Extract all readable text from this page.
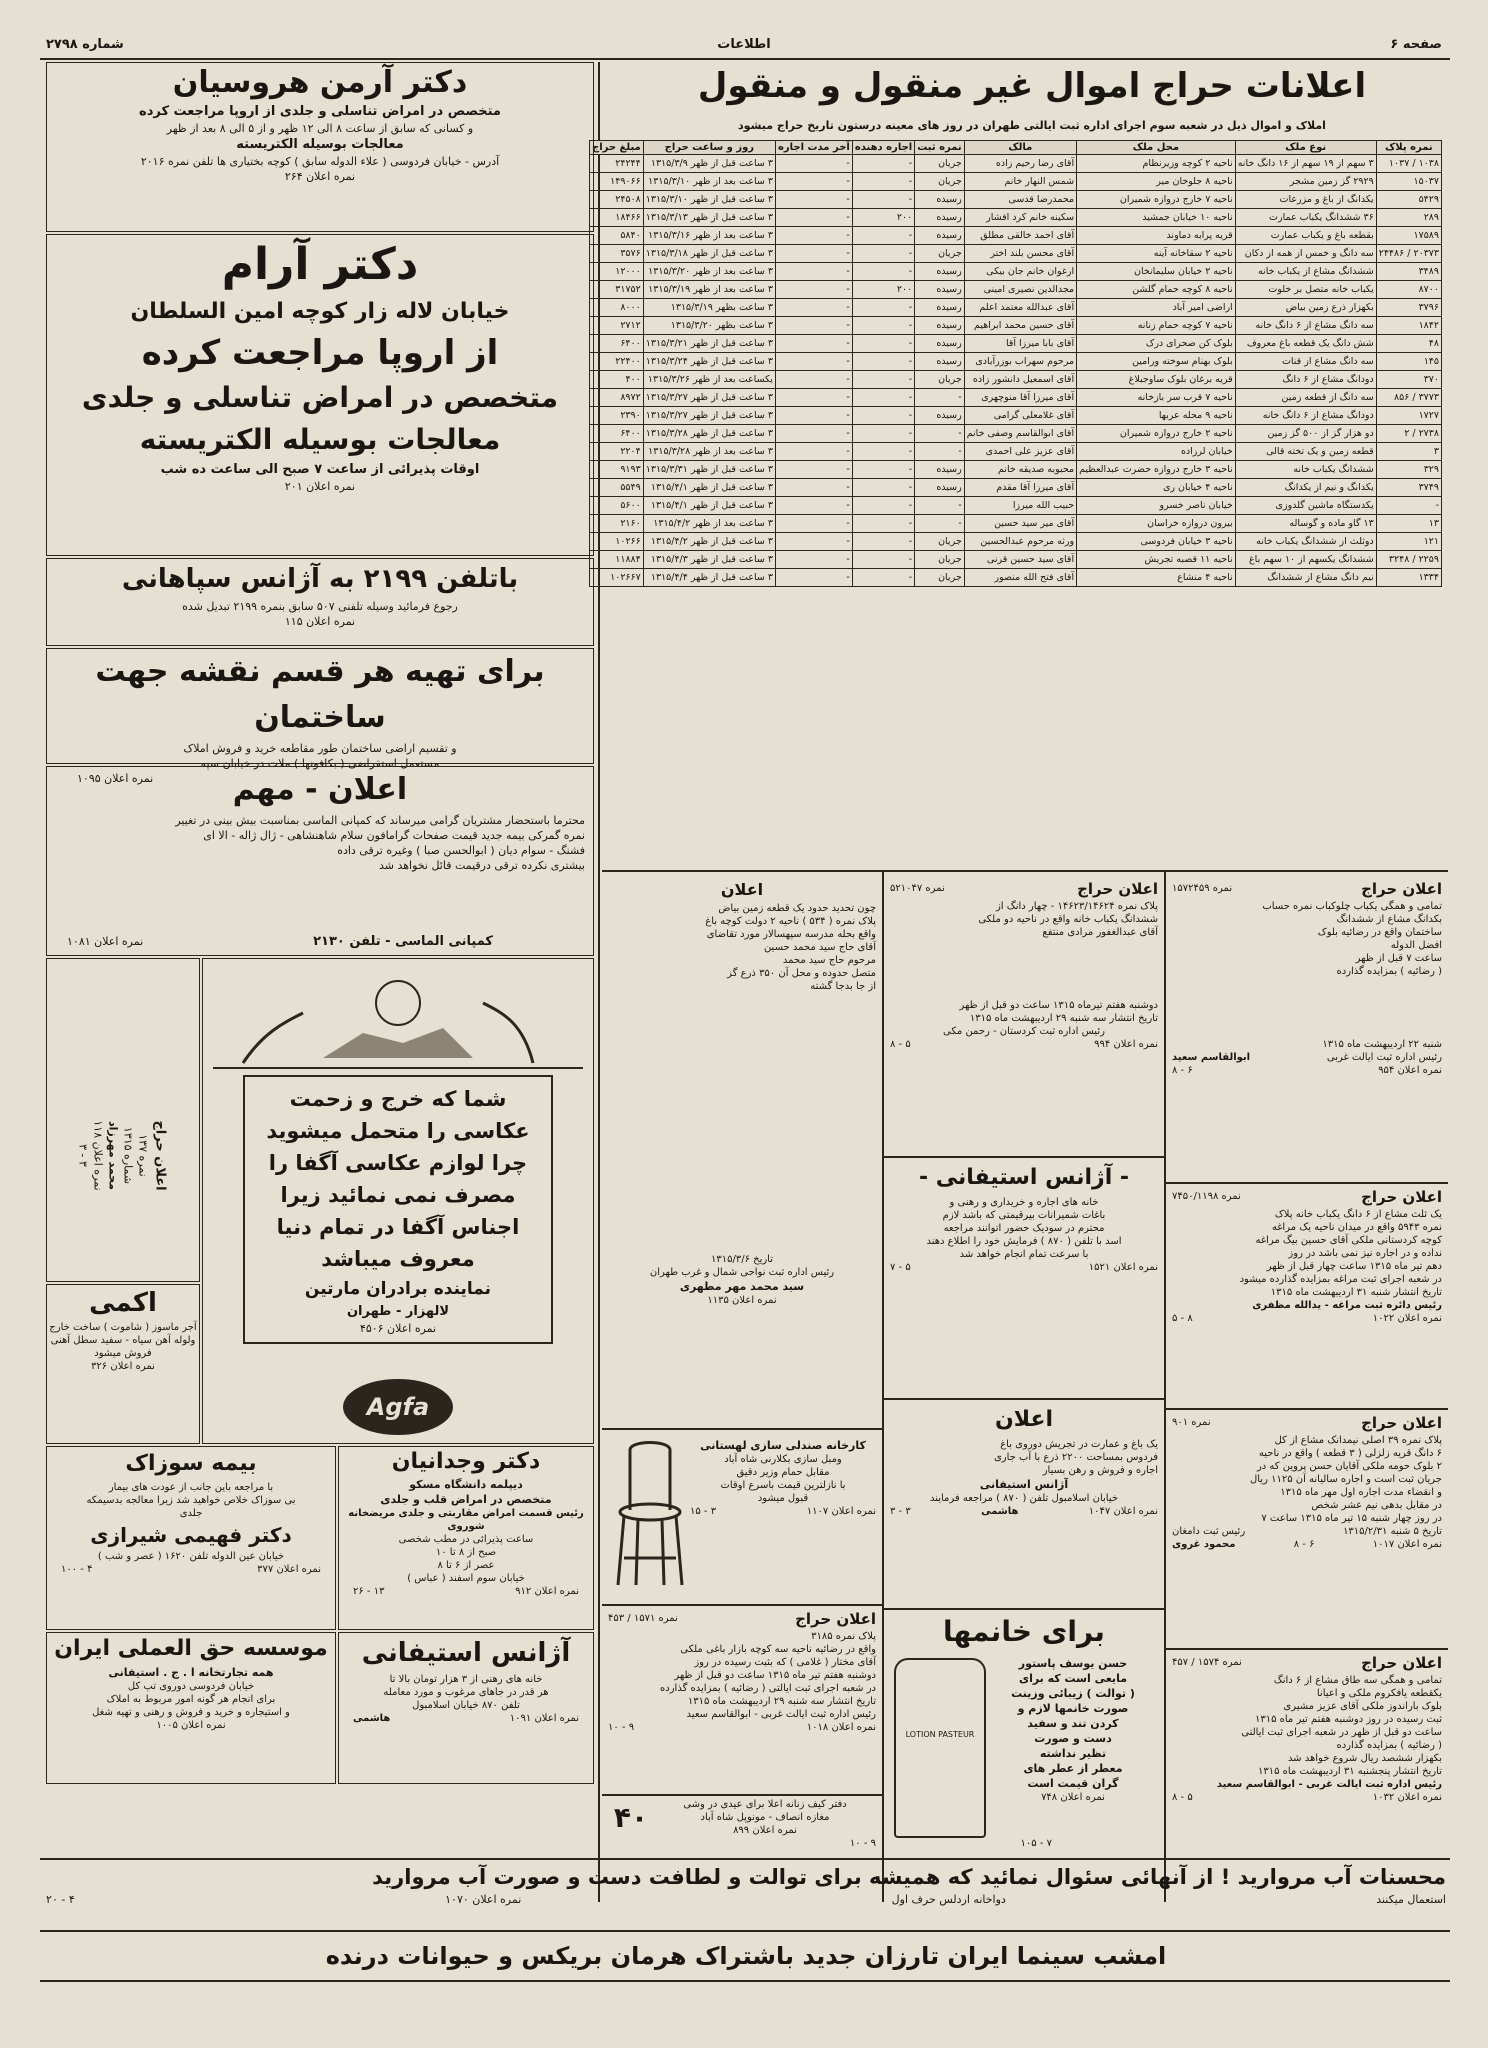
صفحه ۶
اطلاعات
شماره ۲۷۹۸
اعلانات حراج اموال غیر منقول و منقول
املاک و اموال ذیل در شعبه سوم اجرای اداره ثبت ایالتی طهران در روز های معینه درستون تاریخ حراج میشود
نمره پلاک	نوع ملک	محل ملک	مالک	نمره ثبت	اجاره‌ دهنده	آخر مدت اجاره	روز و ساعت حراج	مبلغ حراج
۱۰۳۸ / ۱۰۳۷	۳ سهم از ۱۹ سهم از ۱۶ دانگ خانه	ناحیه ۲ کوچه وزیرنظام	آقای رضا رحیم زاده	جریان	-	-	۳ ساعت قبل از ظهر ۱۳۱۵/۳/۹	۲۴۲۴۴
۱۵۰۳۷	۲۹۲۹ گز زمین مشجر	ناحیه ۸ جلوخان میر	شمس النهار خانم	جریان	-	-	۳ ساعت بعد از ظهر ۱۳۱۵/۳/۱۰	۱۴۹۰۶۶
۵۴۲۹	یکدانگ از باغ و مزرعات	ناحیه ۷ خارج دروازه شمیران	محمدرضا قدسی	رسیده	-	-	۳ ساعت قبل از ظهر ۱۳۱۵/۳/۱۰	۲۴۵۰۸
۲۸۹	۳۶ ششدانگ یکباب عمارت	ناحیه ۱۰ خیابان جمشید	سکینه خانم کرد افشار	رسیده	۲۰۰	-	۳ ساعت قبل از ظهر ۱۳۱۵/۳/۱۳	۱۸۴۶۶
۱۷۵۸۹	بقطعه باغ و یکباب عمارت	قریه پرابه دماوند	آقای احمد خالقی مطلق	رسیده	-	-	۳ ساعت بعد از ظهر ۱۳۱۵/۳/۱۶	۵۸۴۰
۲۰۳۷۳ / ۲۴۴۸۶	سه دانگ و خمس از همه از دکان	ناحیه ۲ سقاخانه آینه	آقای محسن بلند اختر	جریان	-	-	۳ ساعت قبل از ظهر ۱۳۱۵/۳/۱۸	۳۵۷۶
۳۴۸۹	ششدانگ مشاع از یکباب خانه	ناحیه ۲ خیابان سلیمانخان	ارغوان خانم جان بیکی	رسیده	-	-	۳ ساعت بعد از ظهر ۱۳۱۵/۳/۲۰	۱۲۰۰۰
۸۷۰۰	یکباب خانه متصل بر خلوت	ناحیه ۸ کوچه حمام گلشن	مجدالدین نصیری امینی	رسیده	۲۰۰	-	۳ ساعت بعد از ظهر ۱۳۱۵/۳/۱۹	۳۱۷۵۲
۳۷۹۶	بکهزار ذرع زمین بیاض	اراضی امیر آباد	آقای عبدالله معتمد اعلم	رسیده	-	-	۳ ساعت بظهر ۱۳۱۵/۳/۱۹	۸۰۰۰
۱۸۴۲	سه دانگ مشاع از ۶ دانگ خانه	ناحیه ۷ کوچه حمام زنانه	آقای حسین محمد ابراهیم	رسیده	-	-	۳ ساعت بظهر ۱۳۱۵/۳/۲۰	۲۷۱۲
۴۸	شش دانگ یک قطعه باغ معروف	بلوک کن صحرای درک	آقای بابا میرزا آقا	رسیده	-	-	۳ ساعت قبل از ظهر ۱۳۱۵/۳/۲۱	۶۴۰۰
۱۴۵	سه دانگ مشاع از قنات	بلوک بهنام سوخته ورامین	مرحوم سهراب بوزرآبادی	رسیده	-	-	۳ ساعت قبل از ظهر ۱۳۱۵/۳/۲۴	۲۲۴۰۰
۳۷۰	دودانگ مشاع از ۶ دانگ	قریه برغان بلوک ساوجبلاغ	آقای اسمعیل دانشور زاده	جریان	-	-	یکساعت بعد از ظهر ۱۳۱۵/۳/۲۶	۴۰۰
۳۷۷۳ / ۸۵۶	سه دانگ از قطعه زمین	ناحیه ۷ قرب سر بازخانه	آقای میرزا آقا منوچهری	-	-	-	۳ ساعت قبل از ظهر ۱۳۱۵/۳/۲۷	۸۹۷۲
۱۷۲۷	دودانگ مشاع از ۶ دانگ خانه	ناحیه ۹ محله عربها	آقای غلامعلی گرامی	رسیده	-	-	۳ ساعت قبل از ظهر ۱۳۱۵/۳/۲۷	۲۳۹۰
۲۷۳۸ / ۲	دو هزار گز از ۵۰۰ گز زمین	ناحیه ۲ خارج دروازه شمیران	آقای ابوالقاسم وصفی خانم	-	-	-	۳ ساعت قبل از ظهر ۱۳۱۵/۳/۲۸	۶۴۰۰
۳	قطعه زمین و یک تخته قالی	خیابان لرزاده	آقای عزیز علی احمدی	-	-	-	۳ ساعت بعد از ظهر ۱۳۱۵/۳/۲۸	۲۲۰۴
۳۲۹	ششدانگ یکباب خانه	ناحیه ۳ خارج دروازه حضرت عبدالعظیم	محبوبه صدیقه خانم	رسیده	-	-	۳ ساعت قبل از ظهر ۱۳۱۵/۳/۳۱	۹۱۹۳
۳۷۴۹	یکدانگ و نیم از یکدانگ	ناحیه ۴ خیابان ری	آقای میرزا آقا مقدم	رسیده	-	-	۳ ساعت قبل از ظهر ۱۳۱۵/۴/۱	۵۵۴۹
-	یکدستگاه ماشین گلدوزی	خیابان ناصر خسرو	حبیب الله میرزا	-	-	-	۳ ساعت قبل از ظهر ۱۳۱۵/۴/۱	۵۶۰۰
۱۳	۱۳ گاو ماده و گوساله	بیرون دروازه خراسان	آقای میر سید حسین	-	-	-	۳ ساعت بعد از ظهر ۱۳۱۵/۴/۲	۲۱۶۰
۱۲۱	دوثلث از ششدانگ یکباب خانه	ناحیه ۳ خیابان فردوسی	ورثه مرحوم عبدالحسین	جریان	-	-	۳ ساعت قبل از ظهر ۱۳۱۵/۴/۲	۱۰۲۶۶
۲۲۵۹ / ۳۲۴۸	ششدانگ یکسهم از ۱۰ سهم باغ	ناحیه ۱۱ قصبه تجریش	آقای سید حسین قرنی	جریان	-	-	۳ ساعت قبل از ظهر ۱۳۱۵/۴/۳	۱۱۸۸۴
۱۳۳۴	نیم دانگ مشاع از ششدانگ	ناحیه ۴ منشاع	آقای فتح الله منصور	جریان	-	-	۳ ساعت قبل از ظهر ۱۳۱۵/۴/۴	۱۰۲۶۶۷
دکتر آرمن هروسیان
متخصص در امراض تناسلی و جلدی از اروپا مراجعت کرده
و کسانی که سابق از ساعت ۸ الی ۱۲ ظهر و از ۵ الی ۸ بعد از ظهر
معالجات بوسیله الکتریسته
آدرس - خیابان فردوسی ( علاء الدوله سابق ) کوچه بختیاری ها تلفن نمره ۲۰۱۶
نمره اعلان ۲۶۴
دکتر آرام
خیابان لاله زار کوچه امین السلطان
از اروپا مراجعت کرده
متخصص در امراض تناسلی و جلدی
معالجات بوسیله الکتریسته
اوقات پذیرائی از ساعت ۷ صبح الی ساعت ده شب
نمره اعلان ۲۰۱
باتلفن ۲۱۹۹ به آژانس سپاهانی
رجوع فرمائید وسیله تلفنی ۵۰۷ سابق بنمره ۲۱۹۹ تبدیل شده
نمره اعلان ۱۱۵
برای تهیه هر قسم نقشه جهت ساختمان
و تقسیم اراضی ساختمان طور مقاطعه خرید و فروش املاک
مستعمل استقراضی ( بکافونها ) ملات در خیابان سپه
نمره اعلان ۱۰۹۵	اعلان - مهم
محترما باستحضار مشتریان گرامی میرساند که کمپانی الماسی بمناسبت بیش بینی در تغییر
نمره گمرکی بیمه جدید قیمت صفحات گرامافون سلام شاهنشاهی - ژال ژاله - الا ای
فشنگ - سوام دیان ( ابوالحسن صبا ) وغیره ترقی داده
بیشتری نکرده ترقی درقیمت قائل نخواهد شد
کمپانی الماسی - تلفن ۲۱۳۰
نمره اعلان ۱۰۸۱
اعلان حراج
نمره ۱۳۷
شماره ۱۳۱۵
محمد مهرزاد
نمره اعلان ۱۱۸
۳ - ۳
شما که خرج و زحمت
عکاسی را متحمل میشوید
چرا لوازم عکاسی آگفا را
مصرف نمی نمائید زیرا
اجناس آگفا در تمام دنیا
معروف میباشد
نماینده برادران مارتین
لالهزار - طهران
نمره اعلان ۴۵۰۶
Agfa
اکمی
آجر ماسوز ( شاموت ) ساخت خارج
ولوله آهن سیاه - سفید سطل آهنی
فروش میشود
نمره اعلان ۳۲۶
بیمه سوزاک
با مراجعه باین جانب از عودت های بیمار
بی سوزاک خلاص خواهید شد زیرا معالجه بدسیمکه
جلدی
دکتر فهیمی شیرازی
خیابان عین الدوله تلفن ۱۶۲۰ ( عصر و شب )
نمره اعلان ۳۷۷
۴ - ۱۰۰
دکتر وجدانیان
دیپلمه دانشگاه مسکو
متخصص در امراض قلب و جلدی
رئیس قسمت امراض مقاربتی و جلدی مریضخانه شوروی
ساعت پذیرائی در مطب شخصی
صبح از ۸ تا ۱۰
عصر از ۶ تا ۸
خیابان سوم اسفند ( عباس )
نمره اعلان ۹۱۲
۱۳ - ۲۶
موسسه حق العملی ایران
همه تجارتخانه ا . ج . استیفانی
خیابان فردوسی دوروی تپ کل
برای انجام هر گونه امور مربوط به املاک
و استیجاره و خرید و فروش و رهنی و تهیه شغل
نمره اعلان ۱۰۰۵
آژانس استیفانی
خانه های رهنی از ۳ هزار تومان بالا تا
هر قدر در جاهای مرغوب و مورد معامله
تلفن ۸۷۰ خیابان اسلامبول
نمره اعلان ۱۰۹۱
هاشمی
اعلان
چون تحدید حدود یک قطعه زمین بیاض
پلاک نمره ( ۵۳۴ ) ناحیه ۲ دولت کوچه باغ
واقع بحله مدرسه سپهسالار مورد تقاضای
آقای حاج سید محمد حسین
مرحوم حاج سید محمد
متصل حدوده و محل آن ۳۵۰ ذرع گز
از جا بدجا گشته
تاریخ ۱۳۱۵/۳/۶
رئیس اداره ثبت نواحی شمال و غرب طهران
سید محمد مهر مطهری
نمره اعلان ۱۱۳۵
کارخانه صندلی سازی لهستانی
ومبل سازی بکلارنی شاه آباد
مقابل حمام وزیر دقیق
با نازلترین قیمت باسرع اوقات
قبول میشود
نمره اعلان ۱۱۰۷
۳ - ۱۵
اعلان حراج
نمره ۱۵۷۱ / ۴۵۳
پلاک نمره ۳۱۸۵
واقع در رضائیه ناحیه سه کوچه بازار باغی ملکی
آقای مختار ( غلامی ) که بثبت رسیده در روز
دوشنبه هفتم تیر ماه ۱۳۱۵ ساعت دو قبل از ظهر
در شعبه اجرای ثبت ایالتی ( رضائیه ) بمزایده گذارده
تاریخ انتشار سه شنبه ۲۹ اردیبهشت ماه ۱۳۱۵
رئیس اداره ثبت ایالت غربی - ابوالقاسم سعید
نمره اعلان ۱۰۱۸
۹ - ۱۰
دفتر کیف زنانه اعلا برای عیدی در وشی
مغازه انصاف - مونوپل شاه آباد
نمره اعلان ۸۹۹
۴۰
۹ - ۱۰
اعلان حراج
نمره ۵۲۱۰۴۷
پلاک نمره ۱۴۶۲۳/۱۴۶۲۴ - چهار دانگ از
ششدانگ یکباب خانه واقع در ناحیه دو ملکی
آقای عبدالغفور مرادی منتفع
دوشنبه هفتم تیرماه ۱۳۱۵ ساعت دو قبل از ظهر
تاریخ انتشار سه شنبه ۲۹ اردیبهشت ماه ۱۳۱۵
رئیس اداره ثبت کردستان - رحمن مکی
نمره اعلان ۹۹۴
۵ - ۸
- آژانس استیفانی -
خانه های اجاره و خریداری و رهنی و
باغات شمیرانات بیرقیمتی که باشد لازم
محترم در سودیک حضور اتوانند مراجعه
اسد با تلفن ( ۸۷۰ ) فرمایش خود را اطلاع دهند
با سرعت تمام انجام خواهد شد
نمره اعلان ۱۵۲۱
۵ - ۷
اعلان
یک باغ و عمارت در تجریش دوروی باغ
فردوس بمساحت ۲۲۰۰ ذرع با آب جاری
اجاره و فروش و رهن بسیار
آژانس استیفانی
خیابان اسلامبول تلفن ( ۸۷۰ ) مراجعه فرمایند
نمره اعلان ۱۰۴۷
هاشمی
۳ - ۳
برای خانمها
LOTION PASTEUR
حسن یوسف پاستور
مایعی است که برای
( توالت ) زیبائی وزینت
صورت خانمها لازم و
کردن تند و سفید
دست و صورت
تظیر نداشته
معطر از عطر های
گران قیمت است
نمره اعلان ۷۴۸
۷ - ۱۰۵
اعلان حراج
نمره ۱۵۷۲۴۵۹
تمامی و همگی یکباب چلوکباب نمره حساب
بکدانگ مشاع از ششدانگ
ساختمان واقع در رضائیه بلوک
افضل الدوله
ساعت ۷ قبل از ظهر
( رضائیه ) بمزایده گذارده
شنبه ۲۲ اردیبهشت ماه ۱۳۱۵
رئیس اداره ثبت ایالت غربی
ابوالقاسم سعید
نمره اعلان ۹۵۴
۶ - ۸
اعلان حراج
نمره ۷۴۵۰/۱۱۹۸
یک ثلث مشاع از ۶ دانگ یکباب خانه پلاک
نمره ۵۹۴۳ واقع در میدان ناحیه یک مراغه
کوچه کردستانی ملکی آقای حسین بیگ مراغه
نداده و در اجاره نیز نمی باشد در روز
دهم تیر ماه ۱۳۱۵ ساعت چهار قبل از ظهر
در شعبه اجرای ثبت مراغه بمزایده گذارده میشود
تاریخ انتشار شنبه ۳۱ اردیبهشت ماه ۱۳۱۵
رئیس دائره ثبت مراغه - یدالله مظفری
نمره اعلان ۱۰۲۲
۸ - ۵
اعلان حراج
نمره ۹۰۱
پلاک نمره ۳۹ اصلی نیمدانک مشاع از کل
۶ دانگ قریه زلزلی ( ۳ قطعه ) واقع در ناحیه
۲ بلوک حومه ملکی آقایان حسن پروین که در
جریان ثبت است و اجاره سالیانه آن ۱۱۲۵ ریال
و انقضاء مدت اجاره اول مهر ماه ۱۳۱۵
در مقابل بدهی نیم عشر شخص
در روز چهار شنبه ۱۵ تیر ماه ۱۳۱۵ ساعت ۷
تاریخ ۵ شنبه ۱۳۱۵/۲/۳۱
رئیس ثبت دامغان
نمره اعلان ۱۰۱۷
۶ - ۸
محمود غروی
اعلان حراج
نمره ۱۵۷۴ / ۴۵۷
تمامی و همگی سه طاق مشاع از ۶ دانگ
یکقطعه یافکروم ملکی و اعیانا
بلوک باراندوز ملکی آقای عزیز مشیری
ثبت رسیده در روز دوشنبه هفتم تیر ماه ۱۳۱۵
ساعت دو قبل از ظهر در شعبه اجرای ثبت ایالتی
( رضائیه ) بمزایده گذارده
بکهزار ششصد ریال شروع خواهد شد
تاریخ انتشار پنجشنبه ۳۱ اردیبهشت ماه ۱۳۱۵
رئیس اداره ثبت ایالت غربی - ابوالقاسم سعید
نمره اعلان ۱۰۳۲
۵ - ۸
محسنات آب مروارید ! از آنهائی سئوال نمائید که همیشه برای توالت و لطافت دست و صورت آب مروارید
استعمال میکنند
دواخانه اردلس حرف اول
نمره اعلان ۱۰۷۰
۴ - ۲۰
امشب سینما ایران تارزان جدید باشتراک هرمان بریکس و حیوانات درنده
